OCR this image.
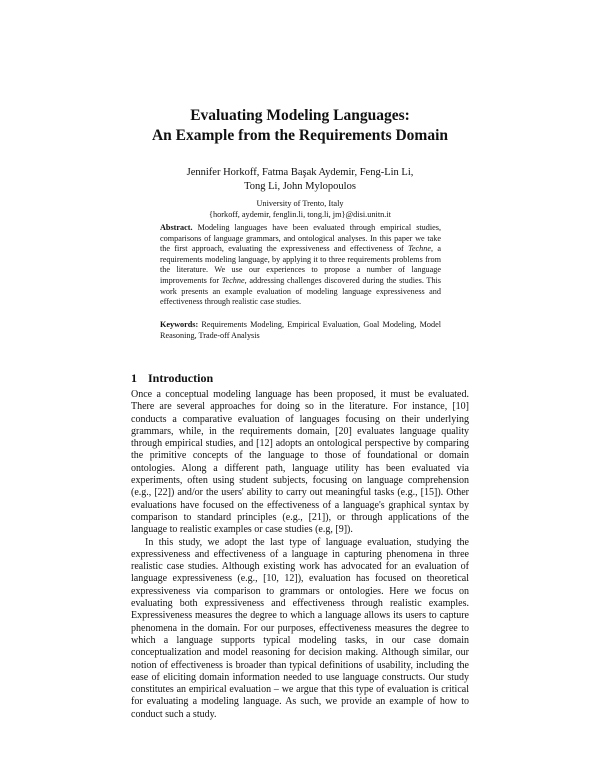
Evaluating Modeling Languages:
An Example from the Requirements Domain
Jennifer Horkoff, Fatma Başak Aydemir, Feng-Lin Li,
Tong Li, John Mylopoulos
University of Trento, Italy
{horkoff, aydemir, fenglin.li, tong.li, jm}@disi.unitn.it
Abstract. Modeling languages have been evaluated through empirical studies, comparisons of language grammars, and ontological analyses. In this paper we take the first approach, evaluating the expressiveness and effectiveness of Techne, a requirements modeling language, by applying it to three requirements problems from the literature. We use our experiences to propose a number of language improvements for Techne, addressing challenges discovered during the studies. This work presents an example evaluation of modeling language expressiveness and effectiveness through realistic case studies.
Keywords: Requirements Modeling, Empirical Evaluation, Goal Modeling, Model Reasoning, Trade-off Analysis
1 Introduction

Once a conceptual modeling language has been proposed, it must be evaluated. There are several approaches for doing so in the literature. For instance, [10] conducts a comparative evaluation of languages focusing on their underlying grammars, while, in the requirements domain, [20] evaluates language quality through empirical studies, and [12] adopts an ontological perspective by comparing the primitive concepts of the language to those of foundational or domain ontologies. Along a different path, language utility has been evaluated via experiments, often using student subjects, focusing on language comprehension (e.g., [22]) and/or the users' ability to carry out meaningful tasks (e.g., [15]). Other evaluations have focused on the effectiveness of a language's graphical syntax by comparison to standard principles (e.g., [21]), or through applications of the language to realistic examples or case studies (e.g, [9]).

In this study, we adopt the last type of language evaluation, studying the expressiveness and effectiveness of a language in capturing phenomena in three realistic case studies. Although existing work has advocated for an evaluation of language expressiveness (e.g., [10, 12]), evaluation has focused on theoretical expressiveness via comparison to grammars or ontologies. Here we focus on evaluating both expressiveness and effectiveness through realistic examples. Expressiveness measures the degree to which a language allows its users to capture phenomena in the domain. For our purposes, effectiveness measures the degree to which a language supports typical modeling tasks, in our case domain conceptualization and model reasoning for decision making. Although similar, our notion of effectiveness is broader than typical definitions of usability, including the ease of eliciting domain information needed to use language constructs. Our study constitutes an empirical evaluation – we argue that this type of evaluation is critical for evaluating a modeling language. As such, we provide an example of how to conduct such a study.
